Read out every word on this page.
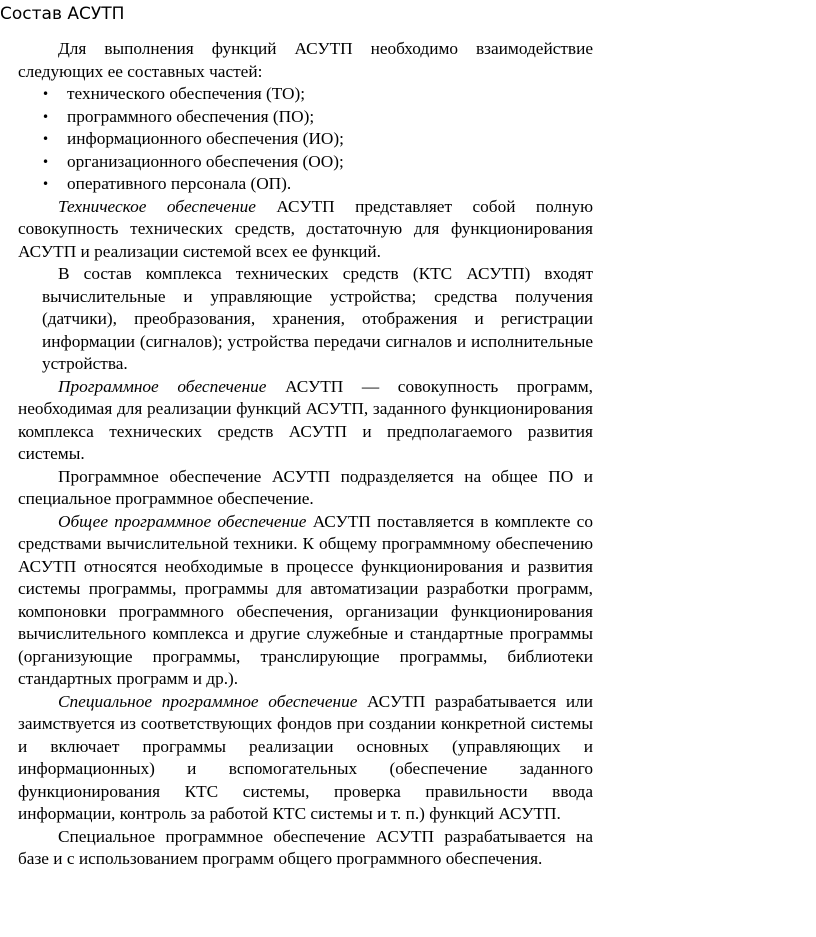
Состав АСУТП

Для выполнения функций АСУТП необходимо взаимодействие следующих ее составных частей:

• технического обеспечения (ТО);
• программного обеспечения (ПО);
• информационного обеспечения (ИО);
• организационного обеспечения (ОО);
• оперативного персонала (ОП).

Техническое обеспечение АСУТП представляет собой полную совокупность технических средств, достаточную для функционирования АСУТП и реализации системой всех ее функций.

В состав комплекса технических средств (КТС АСУТП) входят вычислительные и управляющие устройства; средства получения (датчики), преобразования, хранения, отображения и регистрации информации (сигналов); устройства передачи сигналов и исполнительные устройства.

Программное обеспечение АСУТП — совокупность программ, необходимая для реализации функций АСУТП, заданного функционирования комплекса технических средств АСУТП и предполагаемого развития системы.

Программное обеспечение АСУТП подразделяется на общее ПО и специальное программное обеспечение.

Общее программное обеспечение АСУТП поставляется в комплекте со средствами вычислительной техники. К общему программному обеспечению АСУТП относятся необходимые в процессе функционирования и развития системы программы, программы для автоматизации разработки программ, компоновки программного обеспечения, организации функционирования вычислительного комплекса и другие служебные и стандартные программы (организующие программы, транслирующие программы, библиотеки стандартных программ и др.).

Специальное программное обеспечение АСУТП разрабатывается или заимствуется из соответствующих фондов при создании конкретной системы и включает программы реализации основных (управляющих и информационных) и вспомогательных (обеспечение заданного функционирования КТС системы, проверка правильности ввода информации, контроль за работой КТС системы и т. п.) функций АСУТП.

Специальное программное обеспечение АСУТП разрабатывается на базе и с использованием программ общего программного обеспечения.
